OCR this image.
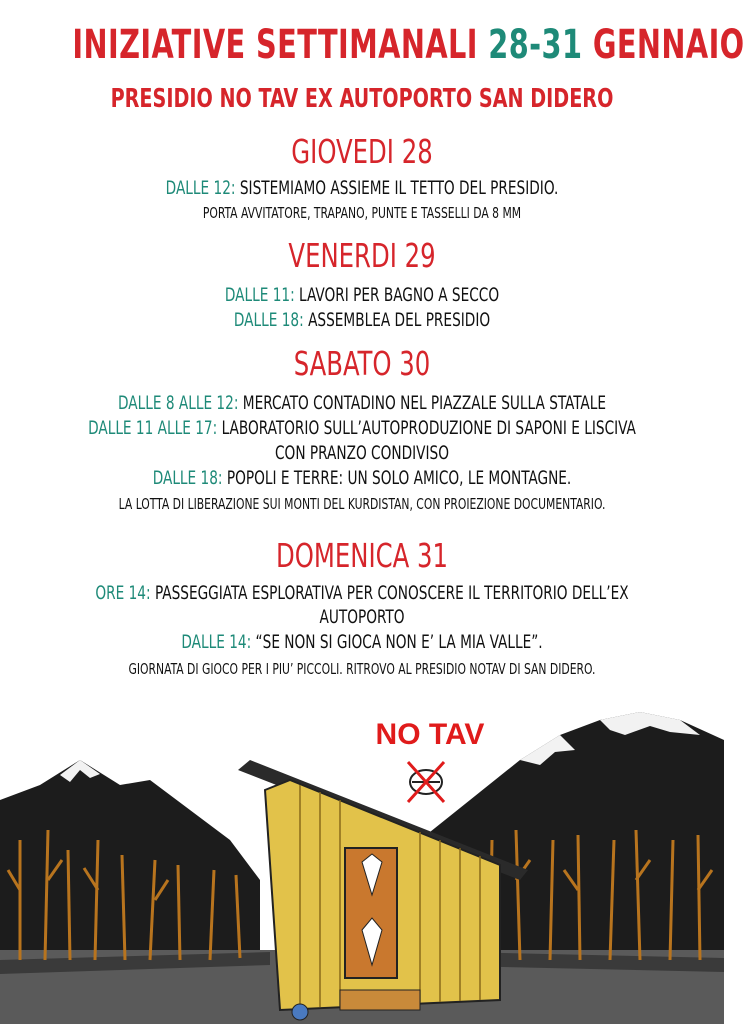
INIZIATIVE SETTIMANALI 28-31 GENNAIO
PRESIDIO NO TAV EX AUTOPORTO SAN DIDERO
GIOVEDI 28
DALLE 12: SISTEMIAMO ASSIEME IL TETTO DEL PRESIDIO.
PORTA AVVITATORE, TRAPANO, PUNTE E TASSELLI DA 8 MM
VENERDI 29
DALLE 11: LAVORI PER BAGNO A SECCO
DALLE 18: ASSEMBLEA DEL PRESIDIO
SABATO 30
DALLE 8 ALLE 12: MERCATO CONTADINO NEL PIAZZALE SULLA STATALE
DALLE 11 ALLE 17: LABORATORIO SULL’AUTOPRODUZIONE DI SAPONI E LISCIVA
CON PRANZO CONDIVISO
DALLE 18: POPOLI E TERRE: UN SOLO AMICO, LE MONTAGNE.
LA LOTTA DI LIBERAZIONE SUI MONTI DEL KURDISTAN, CON PROIEZIONE DOCUMENTARIO.
DOMENICA 31
ORE 14: PASSEGGIATA ESPLORATIVA PER CONOSCERE IL TERRITORIO DELL’EX
AUTOPORTO
DALLE 14: “SE NON SI GIOCA NON E’ LA MIA VALLE”.
GIORNATA DI GIOCO PER I PIU’ PICCOLI. RITROVO AL PRESIDIO NOTAV DI SAN DIDERO.
NO TAV
